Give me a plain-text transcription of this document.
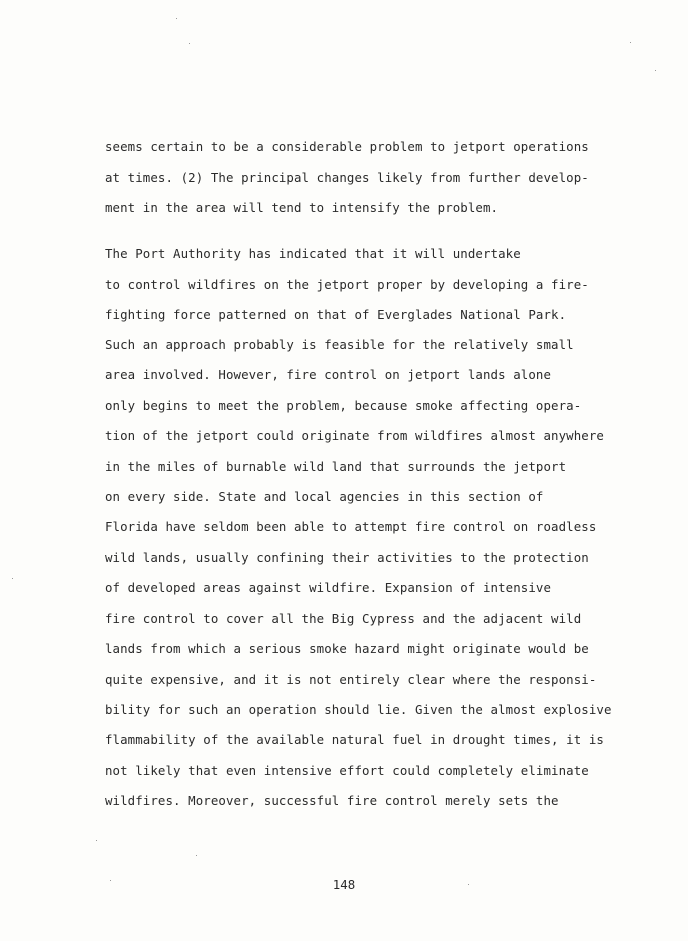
seems certain to be a considerable problem to jetport operations
at times. (2) The principal changes likely from further develop-
ment in the area will tend to intensify the problem.
The Port Authority has indicated that it will undertake
to control wildfires on the jetport proper by developing a fire-
fighting force patterned on that of Everglades National Park.
Such an approach probably is feasible for the relatively small
area involved. However, fire control on jetport lands alone
only begins to meet the problem, because smoke affecting opera-
tion of the jetport could originate from wildfires almost anywhere
in the miles of burnable wild land that surrounds the jetport
on every side. State and local agencies in this section of
Florida have seldom been able to attempt fire control on roadless
wild lands, usually confining their activities to the protection
of developed areas against wildfire. Expansion of intensive
fire control to cover all the Big Cypress and the adjacent wild
lands from which a serious smoke hazard might originate would be
quite expensive, and it is not entirely clear where the responsi-
bility for such an operation should lie. Given the almost explosive
flammability of the available natural fuel in drought times, it is
not likely that even intensive effort could completely eliminate
wildfires. Moreover, successful fire control merely sets the
148
